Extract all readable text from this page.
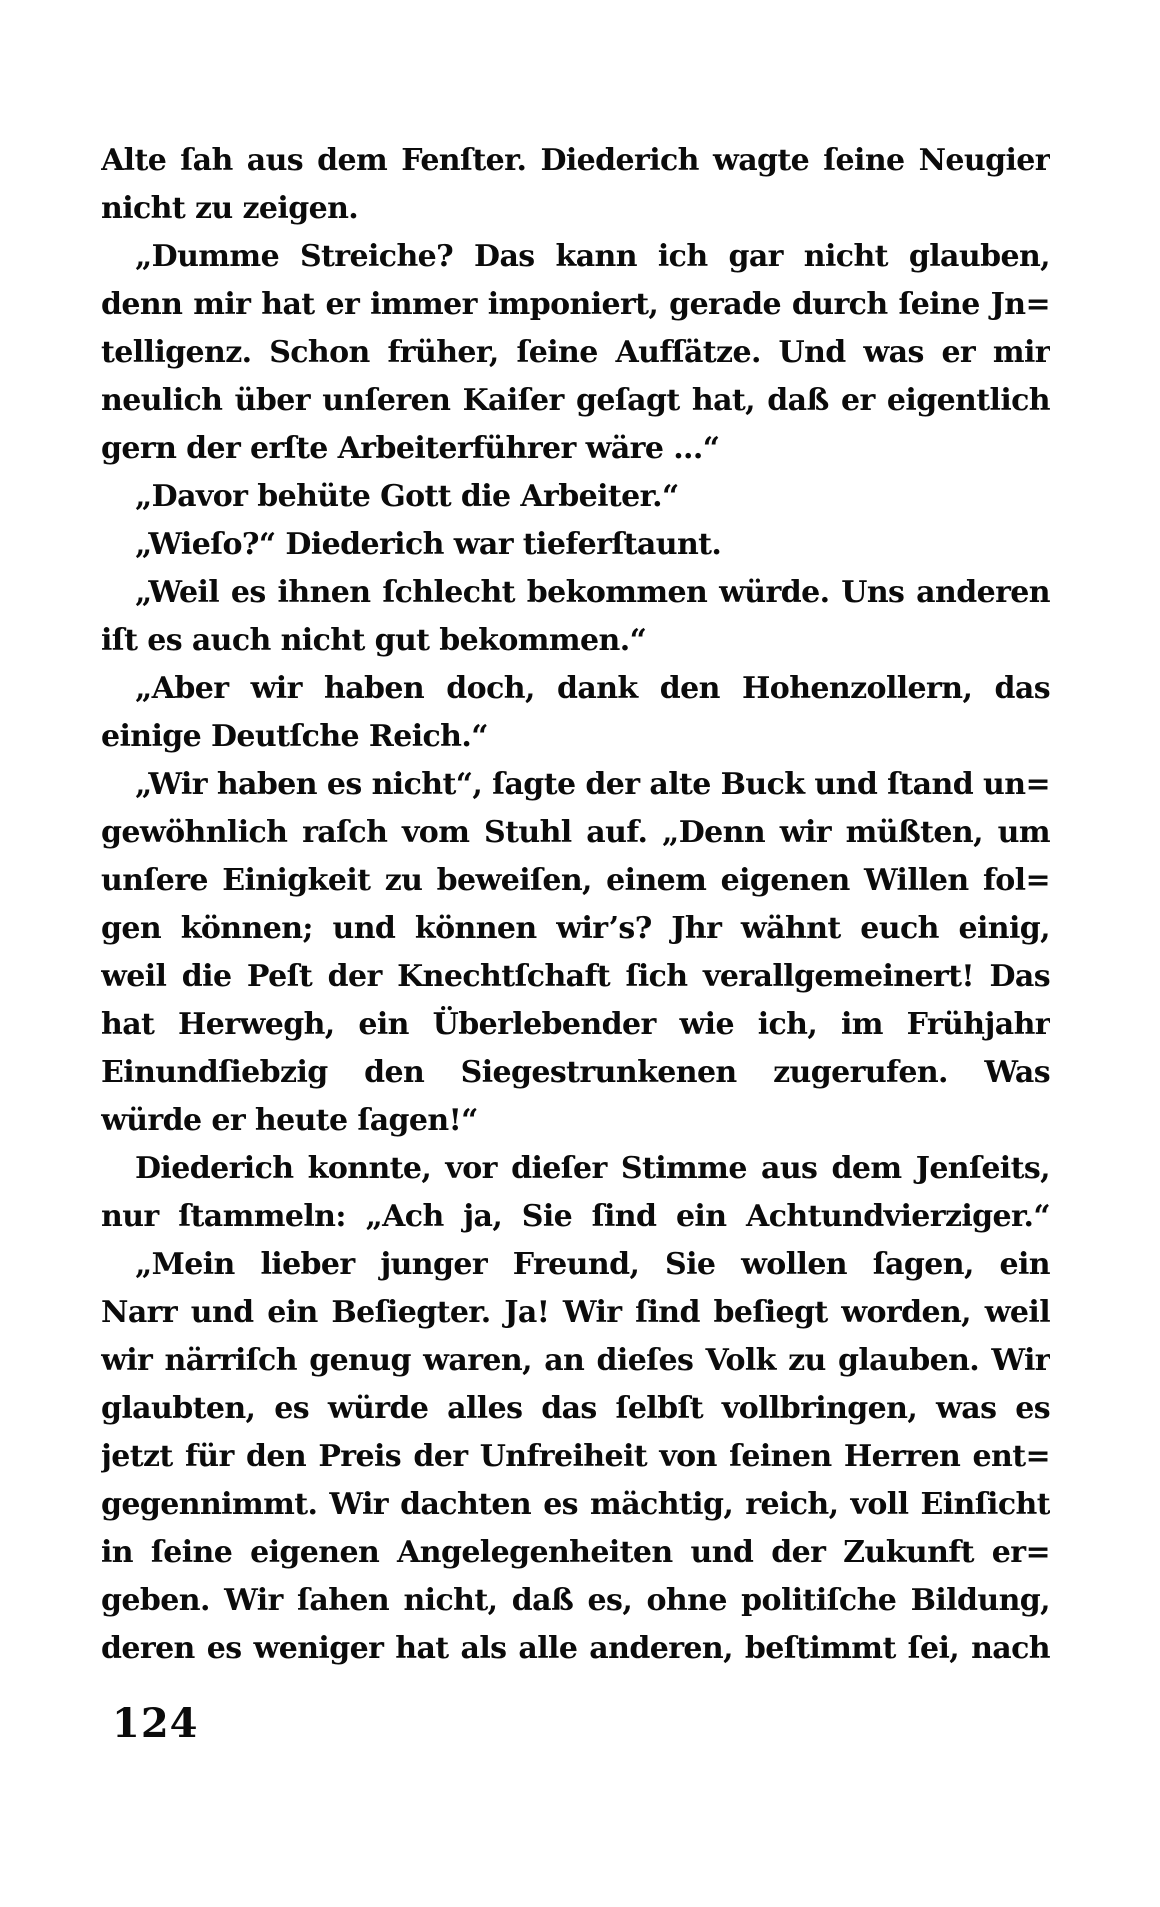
Alte ſah aus dem Fenſter. Diederich wagte ſeine Neugier
nicht zu zeigen.
„Dumme Streiche? Das kann ich gar nicht glauben,
denn mir hat er immer imponiert, gerade durch ſeine Jn=
telligenz. Schon früher, ſeine Aufſätze. Und was er mir
neulich über unſeren Kaiſer geſagt hat, daß er eigentlich
gern der erſte Arbeiterführer wäre ...“
„Davor behüte Gott die Arbeiter.“
„Wieſo?“ Diederich war tieferſtaunt.
„Weil es ihnen ſchlecht bekommen würde. Uns anderen
iſt es auch nicht gut bekommen.“
„Aber wir haben doch, dank den Hohenzollern, das
einige Deutſche Reich.“
„Wir haben es nicht“, ſagte der alte Buck und ſtand un=
gewöhnlich raſch vom Stuhl auf. „Denn wir müßten, um
unſere Einigkeit zu beweiſen, einem eigenen Willen fol=
gen können; und können wir’s? Jhr wähnt euch einig,
weil die Peſt der Knechtſchaft ſich verallgemeinert! Das
hat Herwegh, ein Überlebender wie ich, im Frühjahr
Einundſiebzig den Siegestrunkenen zugerufen. Was
würde er heute ſagen!“
Diederich konnte, vor dieſer Stimme aus dem Jenſeits,
nur ſtammeln: „Ach ja, Sie ſind ein Achtundvierziger.“
„Mein lieber junger Freund, Sie wollen ſagen, ein
Narr und ein Beſiegter. Ja! Wir ſind beſiegt worden, weil
wir närriſch genug waren, an dieſes Volk zu glauben. Wir
glaubten, es würde alles das ſelbſt vollbringen, was es
jetzt für den Preis der Unfreiheit von ſeinen Herren ent=
gegennimmt. Wir dachten es mächtig, reich, voll Einſicht
in ſeine eigenen Angelegenheiten und der Zukunft er=
geben. Wir ſahen nicht, daß es, ohne politiſche Bildung,
deren es weniger hat als alle anderen, beſtimmt ſei, nach
124
